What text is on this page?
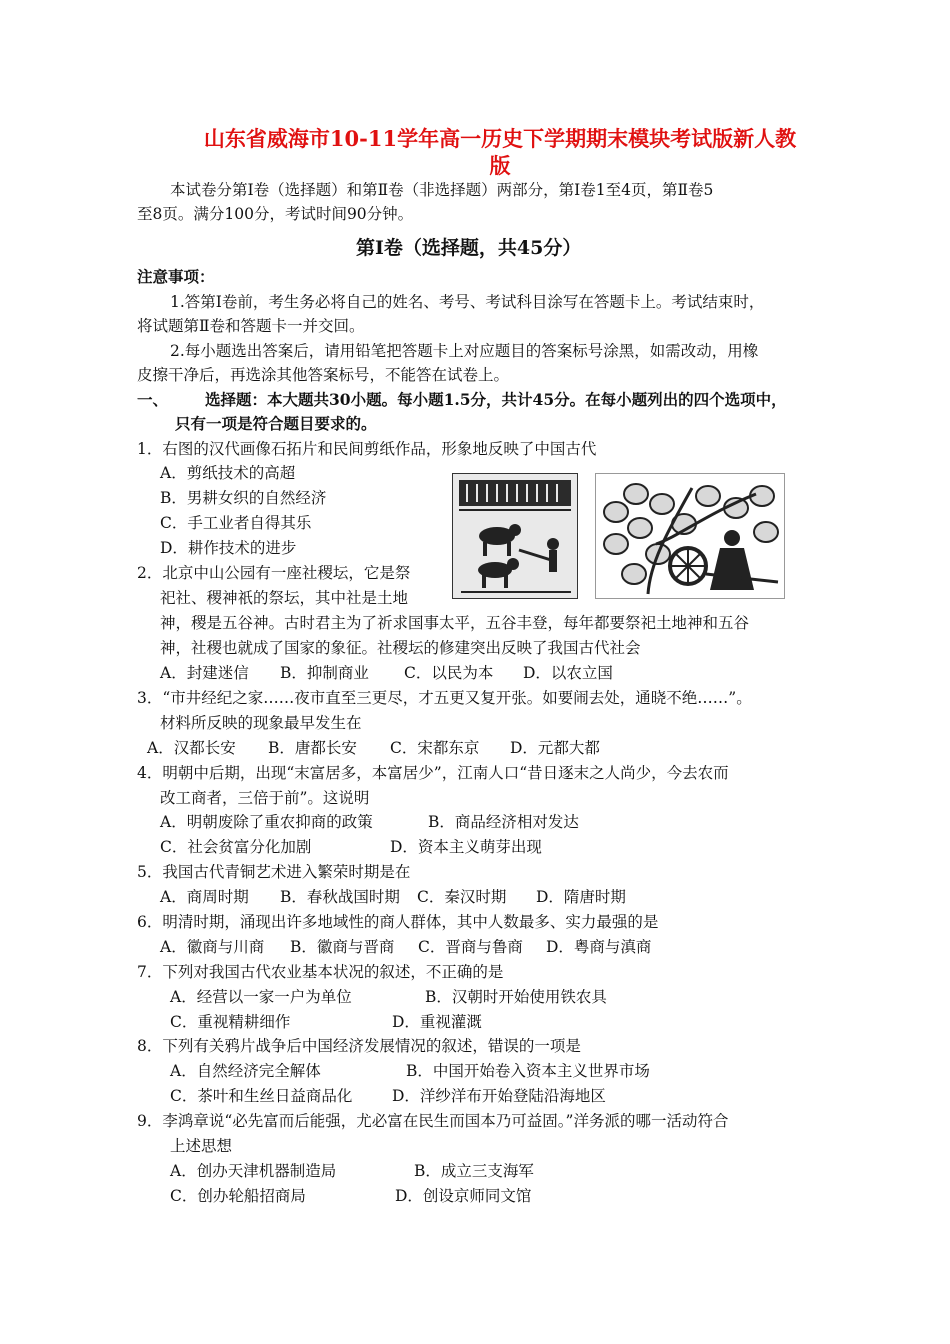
山东省威海市10-11学年高一历史下学期期末模块考试版新人教
版
本试卷分第Ⅰ卷（选择题）和第Ⅱ卷（非选择题）两部分，第Ⅰ卷1至4页，第Ⅱ卷5
至8页。满分100分，考试时间90分钟。
第Ⅰ卷（选择题，共45分）
注意事项：
1.答第Ⅰ卷前，考生务必将自己的姓名、考号、考试科目涂写在答题卡上。考试结束时，
将试题第Ⅱ卷和答题卡一并交回。
2.每小题选出答案后，请用铅笔把答题卡上对应题目的答案标号涂黑，如需改动，用橡
皮擦干净后，再选涂其他答案标号，不能答在试卷上。
一、 选择题：本大题共30小题。每小题1.5分，共计45分。在每小题列出的四个选项中，
只有一项是符合题目要求的。
1．右图的汉代画像石拓片和民间剪纸作品，形象地反映了中国古代
A．剪纸技术的高超
B．男耕女织的自然经济
C．手工业者自得其乐
D．耕作技术的进步
2．北京中山公园有一座社稷坛，它是祭
祀社、稷神祇的祭坛，其中社是土地
神，稷是五谷神。古时君主为了祈求国事太平，五谷丰登，每年都要祭祀土地神和五谷
神，社稷也就成了国家的象征。社稷坛的修建突出反映了我国古代社会
A．封建迷信 B．抑制商业 C．以民为本 D．以农立国
3．“市井经纪之家……夜市直至三更尽，才五更又复开张。如要闹去处，通晓不绝……”。
材料所反映的现象最早发生在
A．汉都长安 B．唐都长安 C．宋都东京 D．元都大都
4．明朝中后期，出现“末富居多，本富居少”，江南人口“昔日逐末之人尚少，今去农而
改工商者，三倍于前”。这说明
A．明朝废除了重农抑商的政策	B．商品经济相对发达
C．社会贫富分化加剧	D．资本主义萌芽出现
5．我国古代青铜艺术进入繁荣时期是在
A．商周时期 B．春秋战国时期 C．秦汉时期 D．隋唐时期
6．明清时期，涌现出许多地域性的商人群体，其中人数最多、实力最强的是
A．徽商与川商 B．徽商与晋商 C．晋商与鲁商 D．粤商与滇商
7．下列对我国古代农业基本状况的叙述，不正确的是
A．经营以一家一户为单位	B．汉朝时开始使用铁农具
C．重视精耕细作	D．重视灌溉
8．下列有关鸦片战争后中国经济发展情况的叙述，错误的一项是
A．自然经济完全解体	B．中国开始卷入资本主义世界市场
C．茶叶和生丝日益商品化	D．洋纱洋布开始登陆沿海地区
9．李鸿章说“必先富而后能强，尤必富在民生而国本乃可益固。”洋务派的哪一活动符合
上述思想
A．创办天津机器制造局	B．成立三支海军
C．创办轮船招商局	D．创设京师同文馆
